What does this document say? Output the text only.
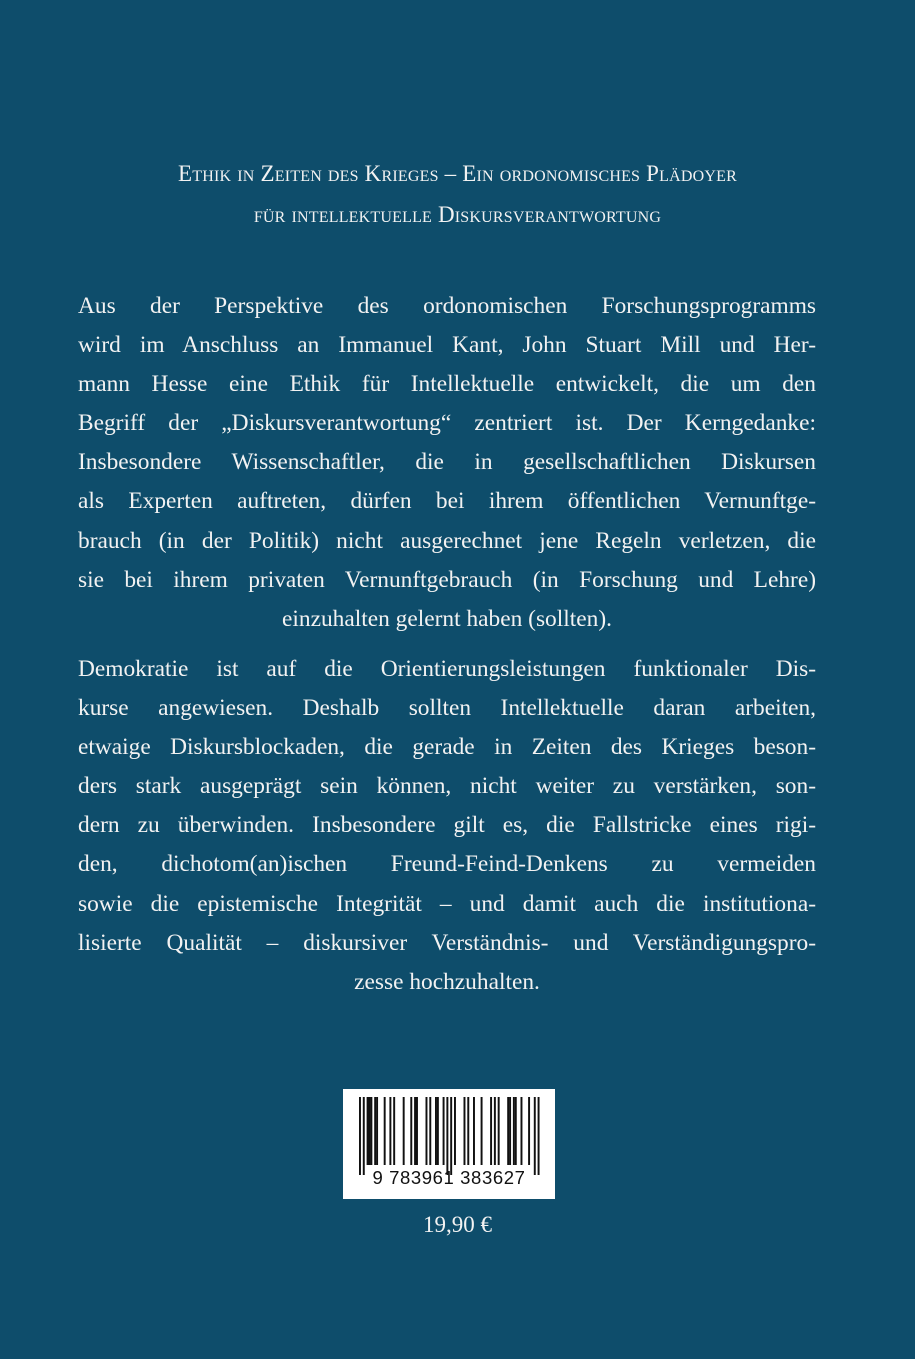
Ethik in Zeiten des Krieges – Ein ordonomisches Plädoyer
für intellektuelle Diskursverantwortung
Aus der Perspektive des ordonomischen Forschungsprogramms
wird im Anschluss an Immanuel Kant, John Stuart Mill und Her-
mann Hesse eine Ethik für Intellektuelle entwickelt, die um den
Begriff der „Diskursverantwortung“ zentriert ist. Der Kerngedanke:
Insbesondere Wissenschaftler, die in gesellschaftlichen Diskursen
als Experten auftreten, dürfen bei ihrem öffentlichen Vernunftge-
brauch (in der Politik) nicht ausgerechnet jene Regeln verletzen, die
sie bei ihrem privaten Vernunftgebrauch (in Forschung und Lehre)
einzuhalten gelernt haben (sollten).
Demokratie ist auf die Orientierungsleistungen funktionaler Dis-
kurse angewiesen. Deshalb sollten Intellektuelle daran arbeiten,
etwaige Diskursblockaden, die gerade in Zeiten des Krieges beson-
ders stark ausgeprägt sein können, nicht weiter zu verstärken, son-
dern zu überwinden. Insbesondere gilt es, die Fallstricke eines rigi-
den, dichotom(an)ischen Freund-Feind-Denkens zu vermeiden
sowie die epistemische Integrität – und damit auch die institutiona-
lisierte Qualität – diskursiver Verständnis- und Verständigungspro-
zesse hochzuhalten.
9 783961 383627
19,90 €
